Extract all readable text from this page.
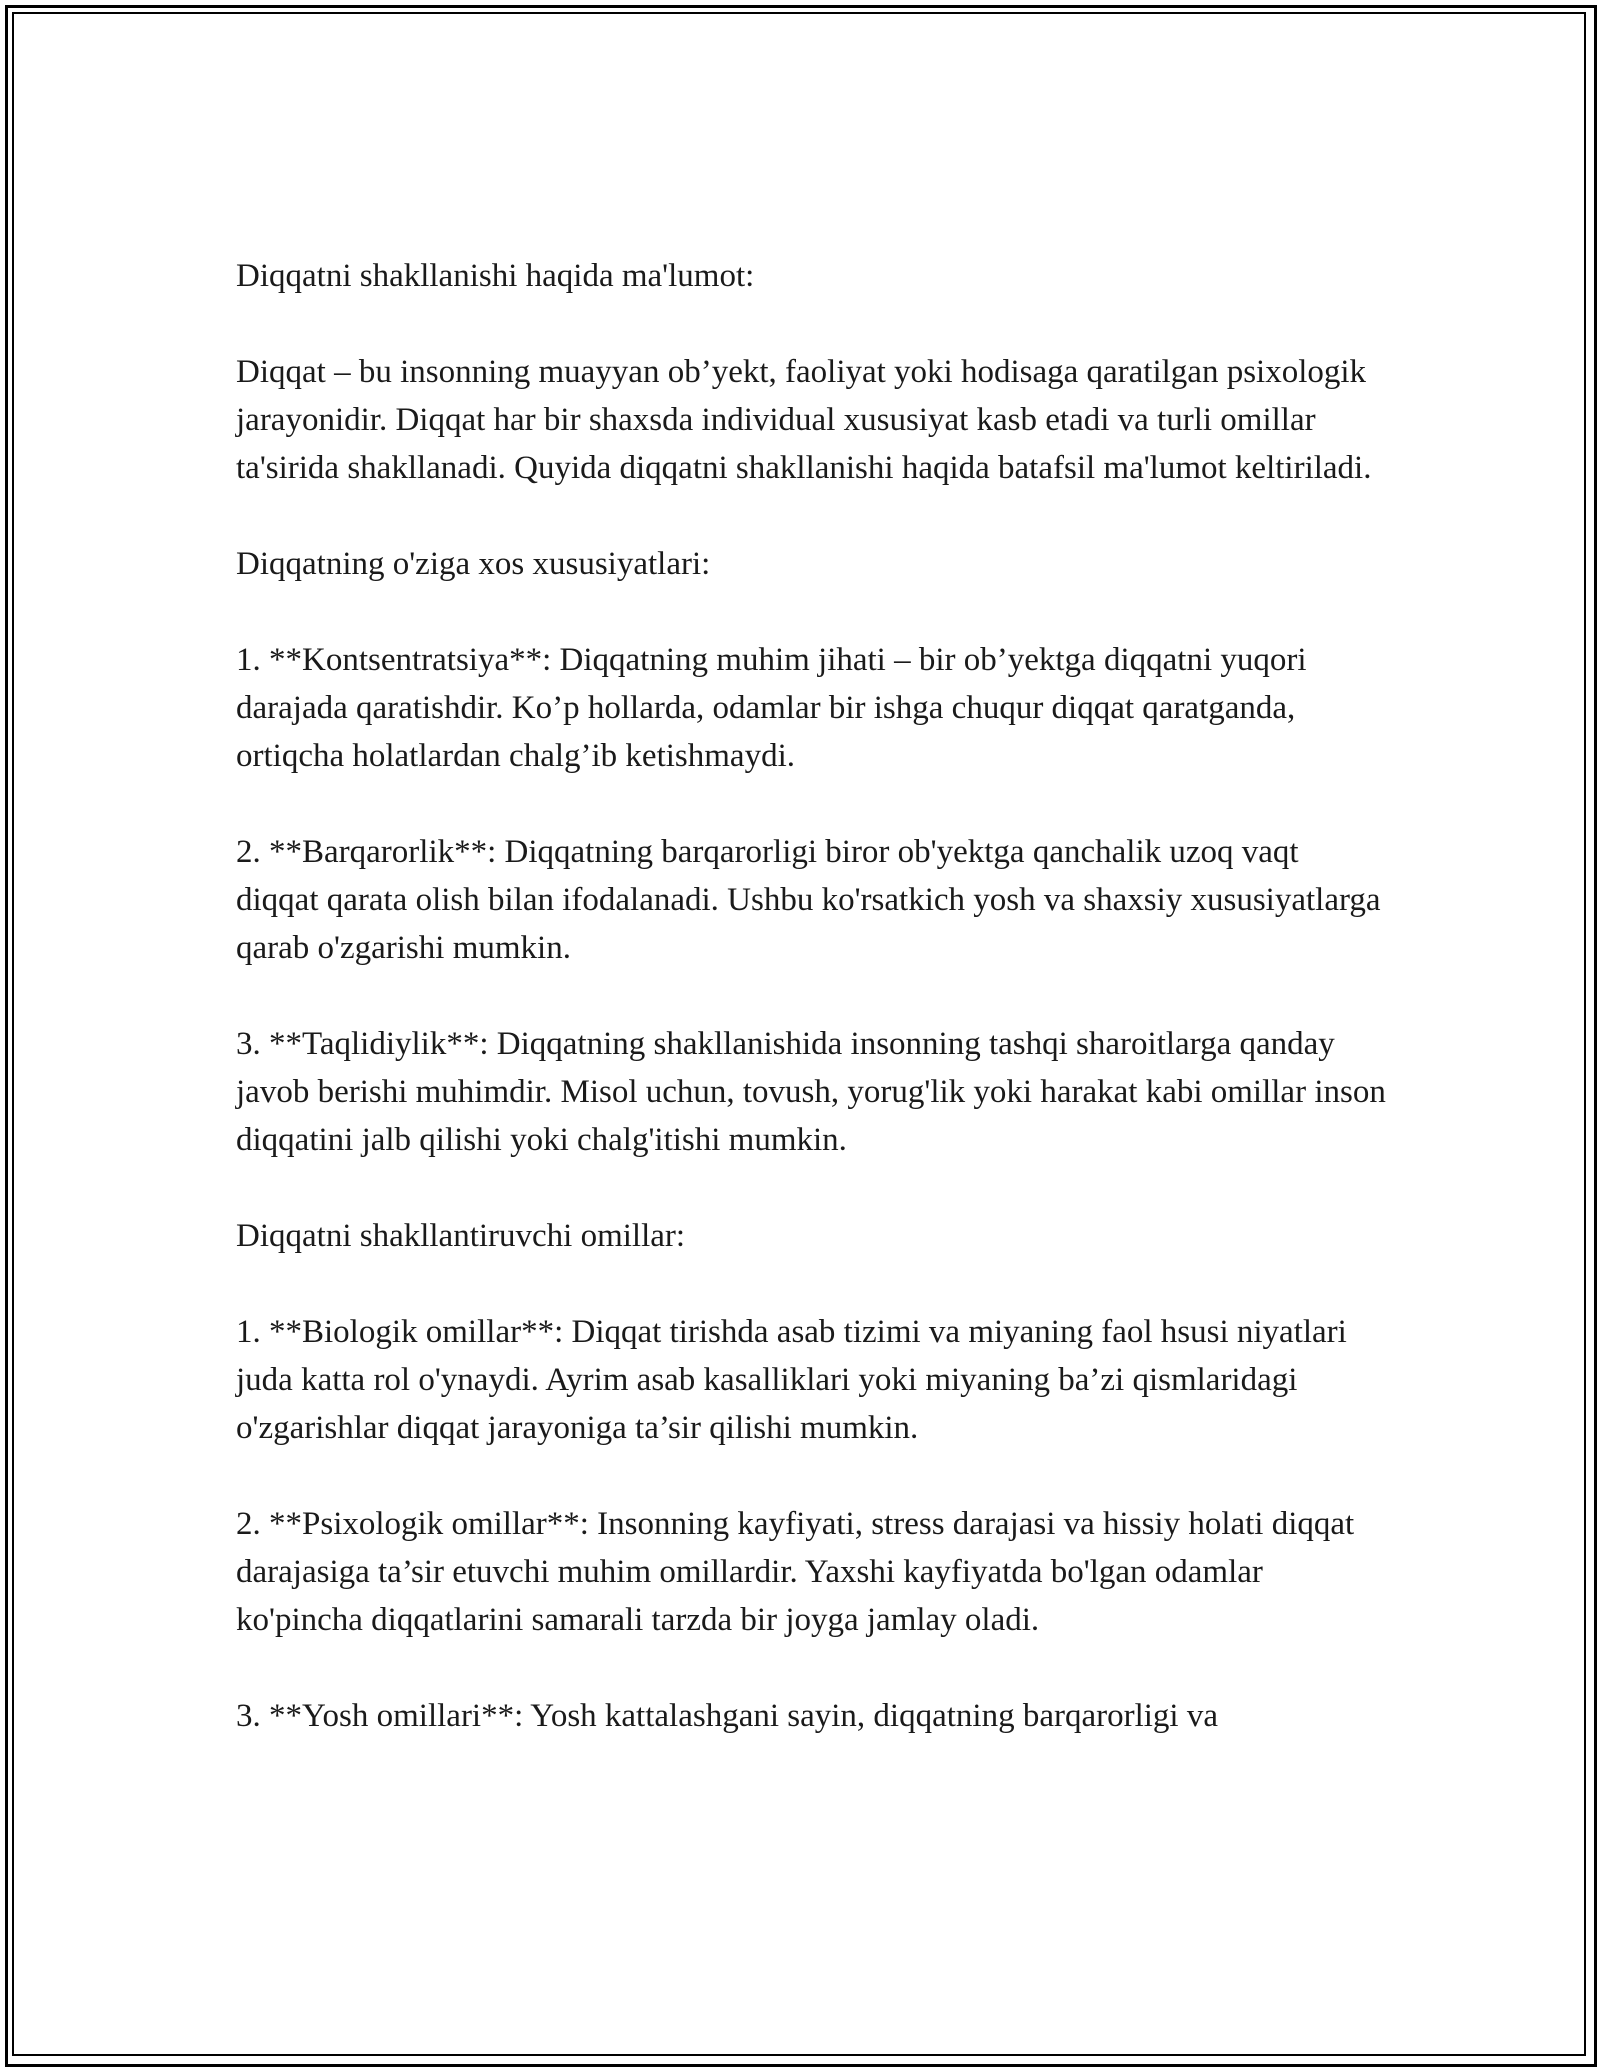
Diqqatni shakllanishi haqida ma'lumot:

Diqqat – bu insonning muayyan ob’yekt, faoliyat yoki hodisaga qaratilgan psixologik jarayonidir. Diqqat har bir shaxsda individual xususiyat kasb etadi va turli omillar ta'sirida shakllanadi. Quyida diqqatni shakllanishi haqida batafsil ma'lumot keltiriladi.

Diqqatning o'ziga xos xususiyatlari:

1. **Kontsentratsiya**: Diqqatning muhim jihati – bir ob’yektga diqqatni yuqori darajada qaratishdir. Ko’p hollarda, odamlar bir ishga chuqur diqqat qaratganda, ortiqcha holatlardan chalg’ib ketishmaydi.

2. **Barqarorlik**: Diqqatning barqarorligi biror ob'yektga qanchalik uzoq vaqt diqqat qarata olish bilan ifodalanadi. Ushbu ko'rsatkich yosh va shaxsiy xususiyatlarga qarab o'zgarishi mumkin.

3. **Taqlidiylik**: Diqqatning shakllanishida insonning tashqi sharoitlarga qanday javob berishi muhimdir. Misol uchun, tovush, yorug'lik yoki harakat kabi omillar inson diqqatini jalb qilishi yoki chalg'itishi mumkin.

Diqqatni shakllantiruvchi omillar:

1. **Biologik omillar**: Diqqat tirishda asab tizimi va miyaning faol hsusi niyatlari juda katta rol o'ynaydi. Ayrim asab kasalliklari yoki miyaning ba’zi qismlaridagi o'zgarishlar diqqat jarayoniga ta’sir qilishi mumkin.

2. **Psixologik omillar**: Insonning kayfiyati, stress darajasi va hissiy holati diqqat darajasiga ta’sir etuvchi muhim omillardir. Yaxshi kayfiyatda bo'lgan odamlar ko'pincha diqqatlarini samarali tarzda bir joyga jamlay oladi.

3. **Yosh omillari**: Yosh kattalashgani sayin, diqqatning barqarorligi va
